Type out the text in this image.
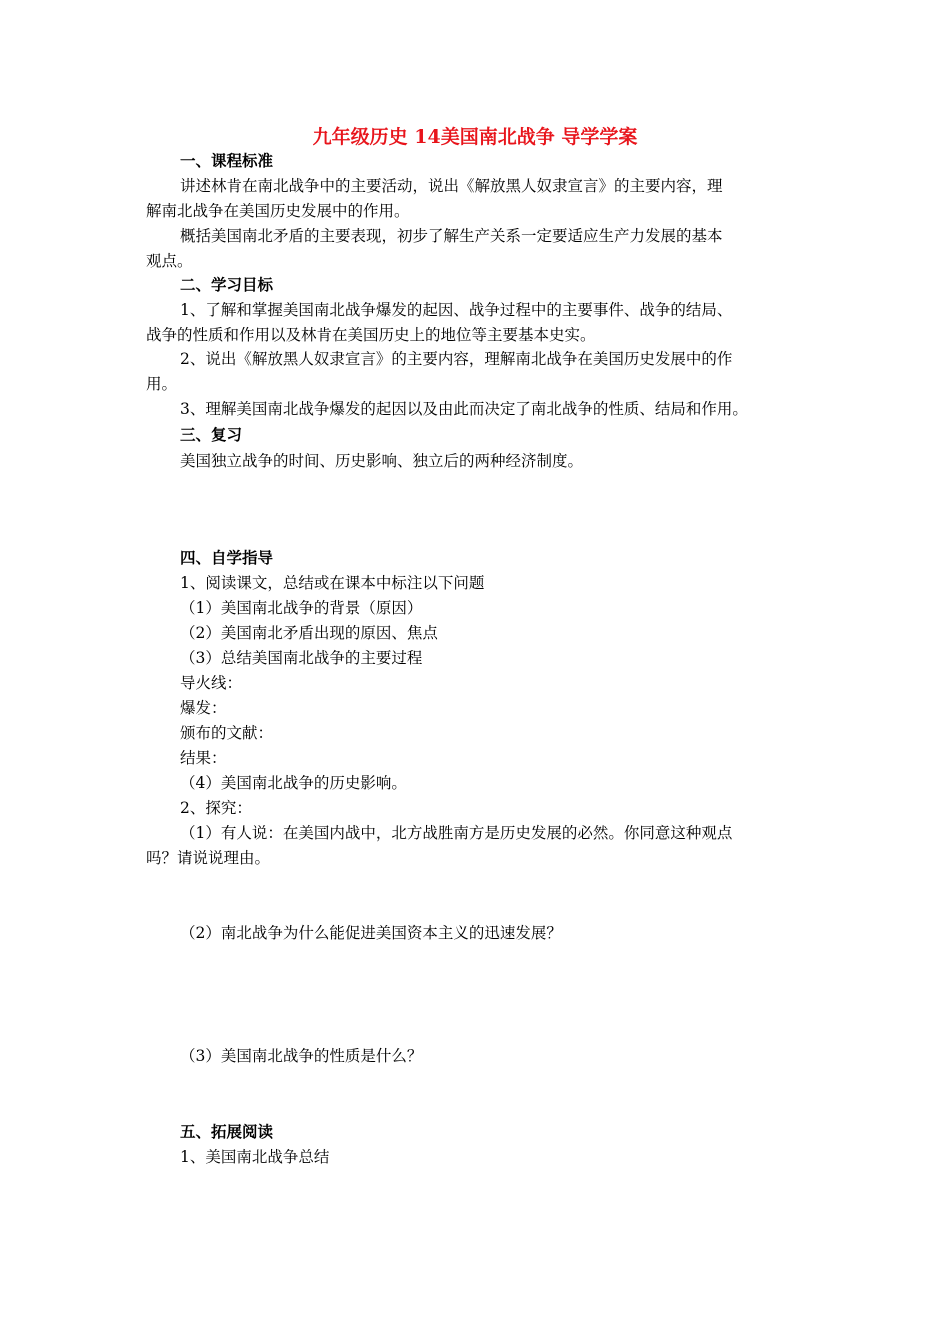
九年级历史 14美国南北战争 导学学案
一、课程标准
讲述林肯在南北战争中的主要活动，说出《解放黑人奴隶宣言》的主要内容，理
解南北战争在美国历史发展中的作用。
概括美国南北矛盾的主要表现，初步了解生产关系一定要适应生产力发展的基本
观点。
二、学习目标
1、了解和掌握美国南北战争爆发的起因、战争过程中的主要事件、战争的结局、
战争的性质和作用以及林肯在美国历史上的地位等主要基本史实。
2、说出《解放黑人奴隶宣言》的主要内容，理解南北战争在美国历史发展中的作
用。
3、理解美国南北战争爆发的起因以及由此而决定了南北战争的性质、结局和作用。
三、复习
美国独立战争的时间、历史影响、独立后的两种经济制度。
四、自学指导
1、阅读课文，总结或在课本中标注以下问题
（1）美国南北战争的背景（原因）
（2）美国南北矛盾出现的原因、焦点
（3）总结美国南北战争的主要过程
导火线：
爆发：
颁布的文献：
结果：
（4）美国南北战争的历史影响。
2、探究：
（1）有人说：在美国内战中，北方战胜南方是历史发展的必然。你同意这种观点
吗？请说说理由。
（2）南北战争为什么能促进美国资本主义的迅速发展？
（3）美国南北战争的性质是什么？
五、拓展阅读
1、美国南北战争总结
